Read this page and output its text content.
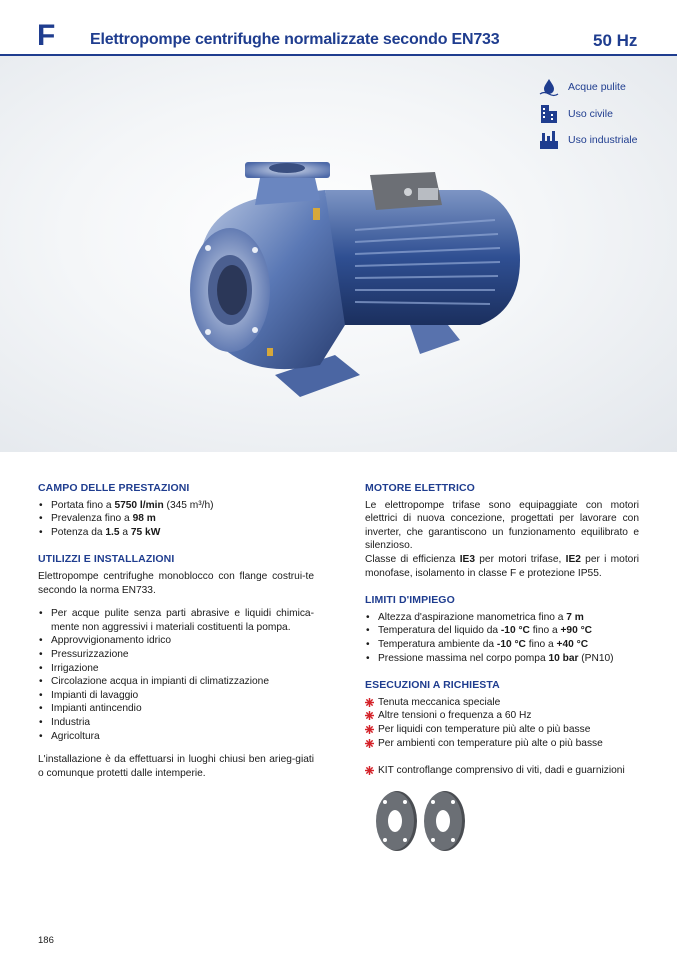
F Elettropompe centrifughe normalizzate secondo EN733	50 Hz
Acque pulite
Uso civile
Uso industriale
CAMPO DELLE PRESTAZIONI
• Portata fino a 5750 l/min (345 m³/h)
• Prevalenza fino a 98 m
• Potenza da 1.5 a 75 kW
UTILIZZI E INSTALLAZIONI

Elettropompe centrifughe monoblocco con flange costrui-te secondo la norma EN733.

• Per acque pulite senza parti abrasive e liquidi chimica-mente non aggressivi i materiali costituenti la pompa.
• Approvvigionamento idrico
• Pressurizzazione
• Irrigazione
• Circolazione acqua in impianti di climatizzazione
• Impianti di lavaggio
• Impianti antincendio
• Industria
• Agricoltura

L'installazione è da effettuarsi in luoghi chiusi ben arieg-giati o comunque protetti dalle intemperie.

MOTORE ELETTRICO

Le elettropompe trifase sono equipaggiate con motori elettrici di nuova concezione, progettati per lavorare con inverter, che garantiscono un funzionamento equilibrato e silenzioso.

Classe di efficienza IE3 per motori trifase, IE2 per i motori monofase, isolamento in classe F e protezione IP55.

LIMITI D'IMPIEGO
• Altezza d'aspirazione manometrica fino a 7 m
• Temperatura del liquido da -10 °C fino a +90 °C
• Temperatura ambiente da -10 °C fino a +40 °C
• Pressione massima nel corpo pompa 10 bar (PN10)
ESECUZIONI A RICHIESTA
Tenuta meccanica speciale
Altre tensioni o frequenza a 60 Hz
Per liquidi con temperature più alte o più basse
Per ambienti con temperature più alte o più basse
KIT controflange comprensivo di viti, dadi e guarnizioni
186
